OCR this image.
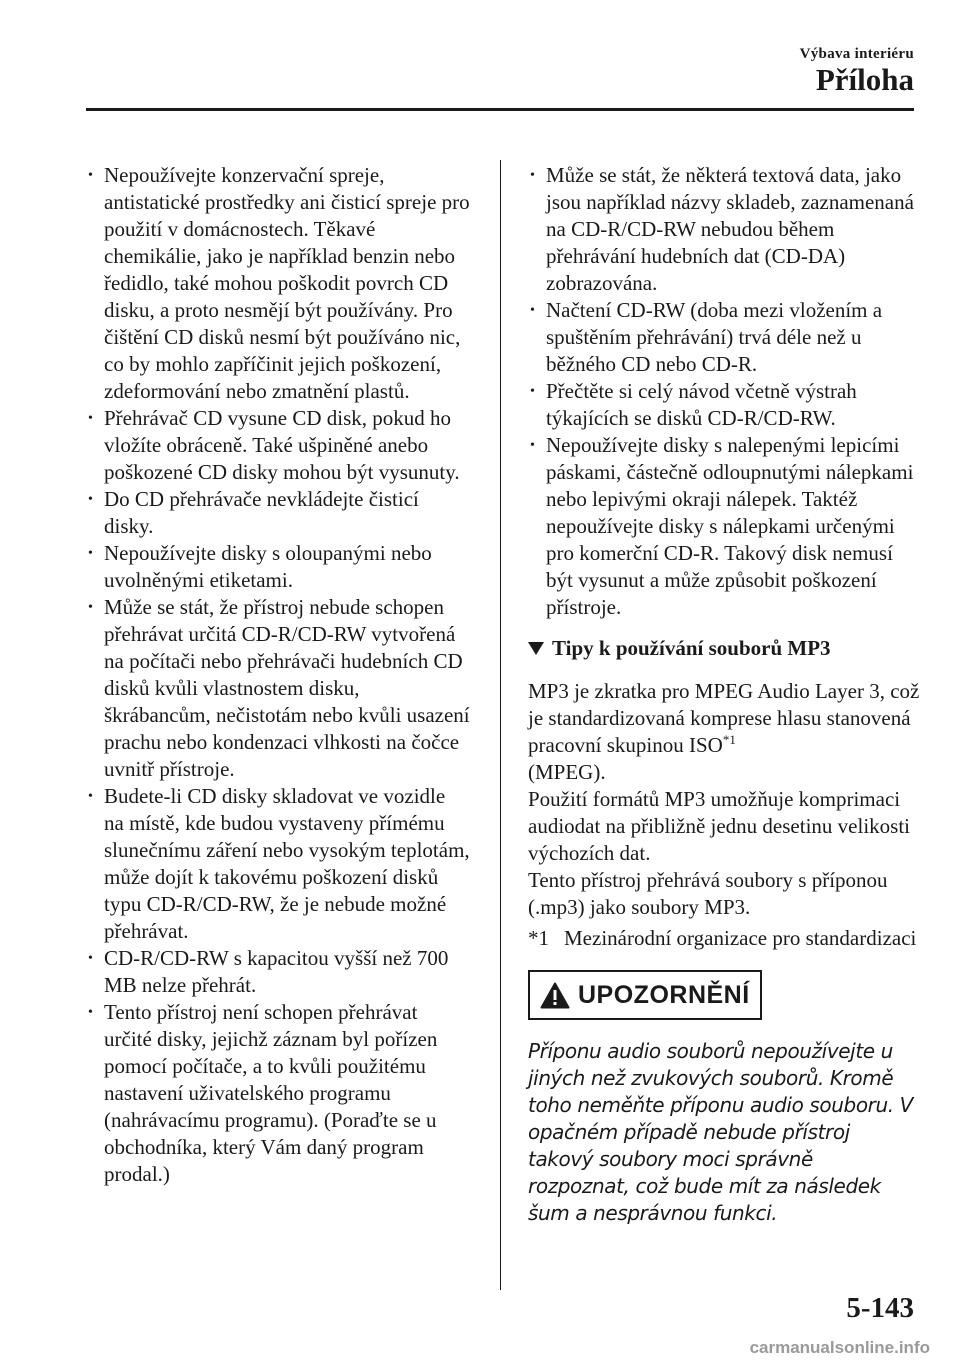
Výbava interiéru
Příloha
• Nepoužívejte konzervační spreje, antistatické prostředky ani čisticí spreje pro použití v domácnostech. Těkavé chemikálie, jako je například benzin nebo ředidlo, také mohou poškodit povrch CD disku, a proto nesmějí být používány. Pro čištění CD disků nesmí být používáno nic, co by mohlo zapříčinit jejich poškození, zdeformování nebo zmatnění plastů.
• Přehrávač CD vysune CD disk, pokud ho vložíte obráceně. Také ušpiněné anebo poškozené CD disky mohou být vysunuty.
• Do CD přehrávače nevkládejte čisticí disky.
• Nepoužívejte disky s oloupanými nebo uvolněnými etiketami.
• Může se stát, že přístroj nebude schopen přehrávat určitá CD-R/CD-RW vytvořená na počítači nebo přehrávači hudebních CD disků kvůli vlastnostem disku, škrábancům, nečistotám nebo kvůli usazení prachu nebo kondenzaci vlhkosti na čočce uvnitř přístroje.
• Budete-li CD disky skladovat ve vozidle na místě, kde budou vystaveny přímému slunečnímu záření nebo vysokým teplotám, může dojít k takovému poškození disků typu CD-R/CD-RW, že je nebude možné přehrávat.
• CD-R/CD-RW s kapacitou vyšší než 700 MB nelze přehrát.
• Tento přístroj není schopen přehrávat určité disky, jejichž záznam byl pořízen pomocí počítače, a to kvůli použitému nastavení uživatelského programu (nahrávacímu programu). (Poraďte se u obchodníka, který Vám daný program prodal.)
• Může se stát, že některá textová data, jako jsou například názvy skladeb, zaznamenaná na CD-R/CD-RW nebudou během přehrávání hudebních dat (CD-DA) zobrazována.
• Načtení CD-RW (doba mezi vložením a spuštěním přehrávání) trvá déle než u běžného CD nebo CD-R.
• Přečtěte si celý návod včetně výstrah týkajících se disků CD-R/CD-RW.
• Nepoužívejte disky s nalepenými lepicími páskami, částečně odloupnutými nálepkami nebo lepivými okraji nálepek. Taktéž nepoužívejte disky s nálepkami určenými pro komerční CD-R. Takový disk nemusí být vysunut a může způsobit poškození přístroje.
Tipy k používání souborů MP3

MP3 je zkratka pro MPEG Audio Layer 3, což je standardizovaná komprese hlasu stanovená pracovní skupinou ISO$^{*1}$
(MPEG).

Použití formátů MP3 umožňuje komprimaci audiodat na přibližně jednu desetinu velikosti výchozích dat.

Tento přístroj přehrává soubory s příponou (.mp3) jako soubory MP3.

*1 Mezinárodní organizace pro standardizaci
UPOZORNĚNÍ
Příponu audio souborů nepoužívejte u jiných než zvukových souborů. Kromě toho neměňte příponu audio souboru. V opačném případě nebude přístroj takový soubory moci správně rozpoznat, což bude mít za následek šum a nesprávnou funkci.
5-143
carmanualsonline.info
